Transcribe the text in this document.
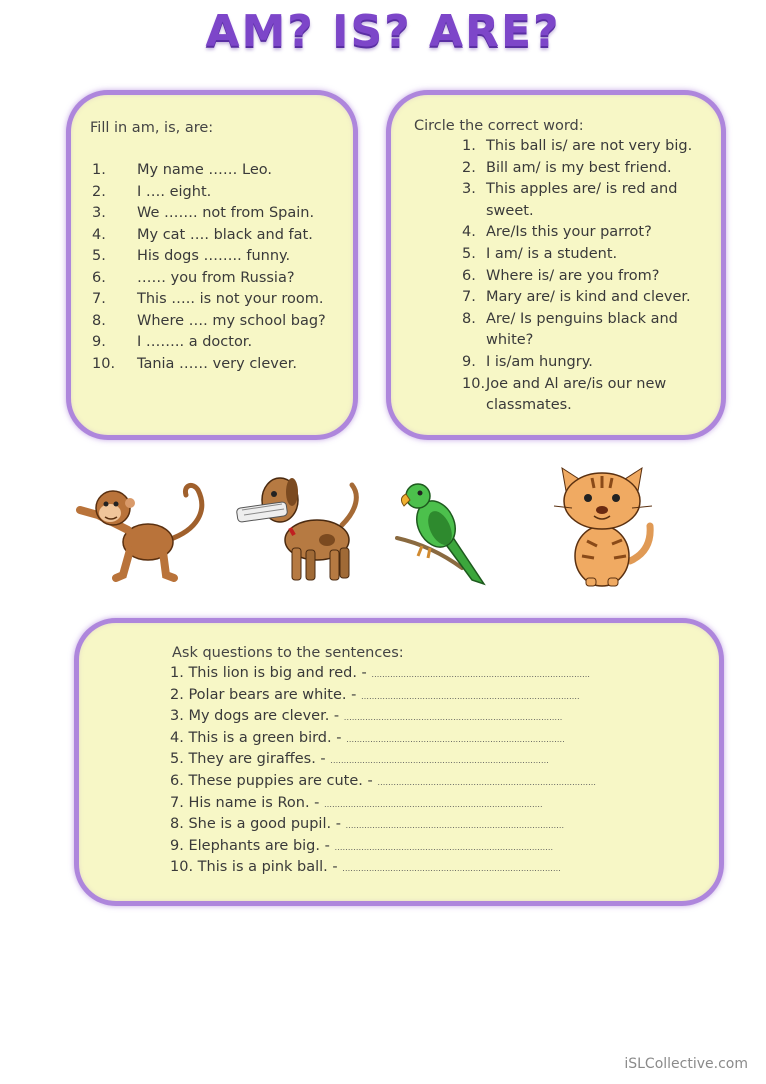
AM? IS? ARE?
Fill in am, is, are:
1. My name …… Leo.
2. I …. eight.
3. We ……. not from Spain.
4. My cat …. black and fat.
5. His dogs …….. funny.
6. …… you from Russia?
7. This ….. is not your room.
8. Where …. my school bag?
9. I …….. a doctor.
10. Tania …… very clever.
Circle the correct word:
1. This ball is/ are not very big.
2. Bill am/ is my best friend.
3. This apples are/ is red and
sweet.
4. Are/Is this your parrot?
5. I am/ is a student.
6. Where is/ are you from?
7. Mary are/ is kind and clever.
8. Are/ Is penguins black and
white?
9. I is/am hungry.
10. Joe and Al are/is our new
classmates.
Ask questions to the sentences:
1. This lion is big and red. - ……………………………………………………………………….
2. Polar bears are white. - ……………………………………………………………………….
3. My dogs are clever. - ……………………………………………………………………….
4. This is a green bird. - ……………………………………………………………………….
5. They are giraffes. - ……………………………………………………………………….
6. These puppies are cute. - ……………………………………………………………………….
7. His name is Ron. - ……………………………………………………………………….
8. She is a good pupil. - ……………………………………………………………………….
9. Elephants are big. - ……………………………………………………………………….
10. This is a pink ball. - ……………………………………………………………………….
iSLCollective.com
